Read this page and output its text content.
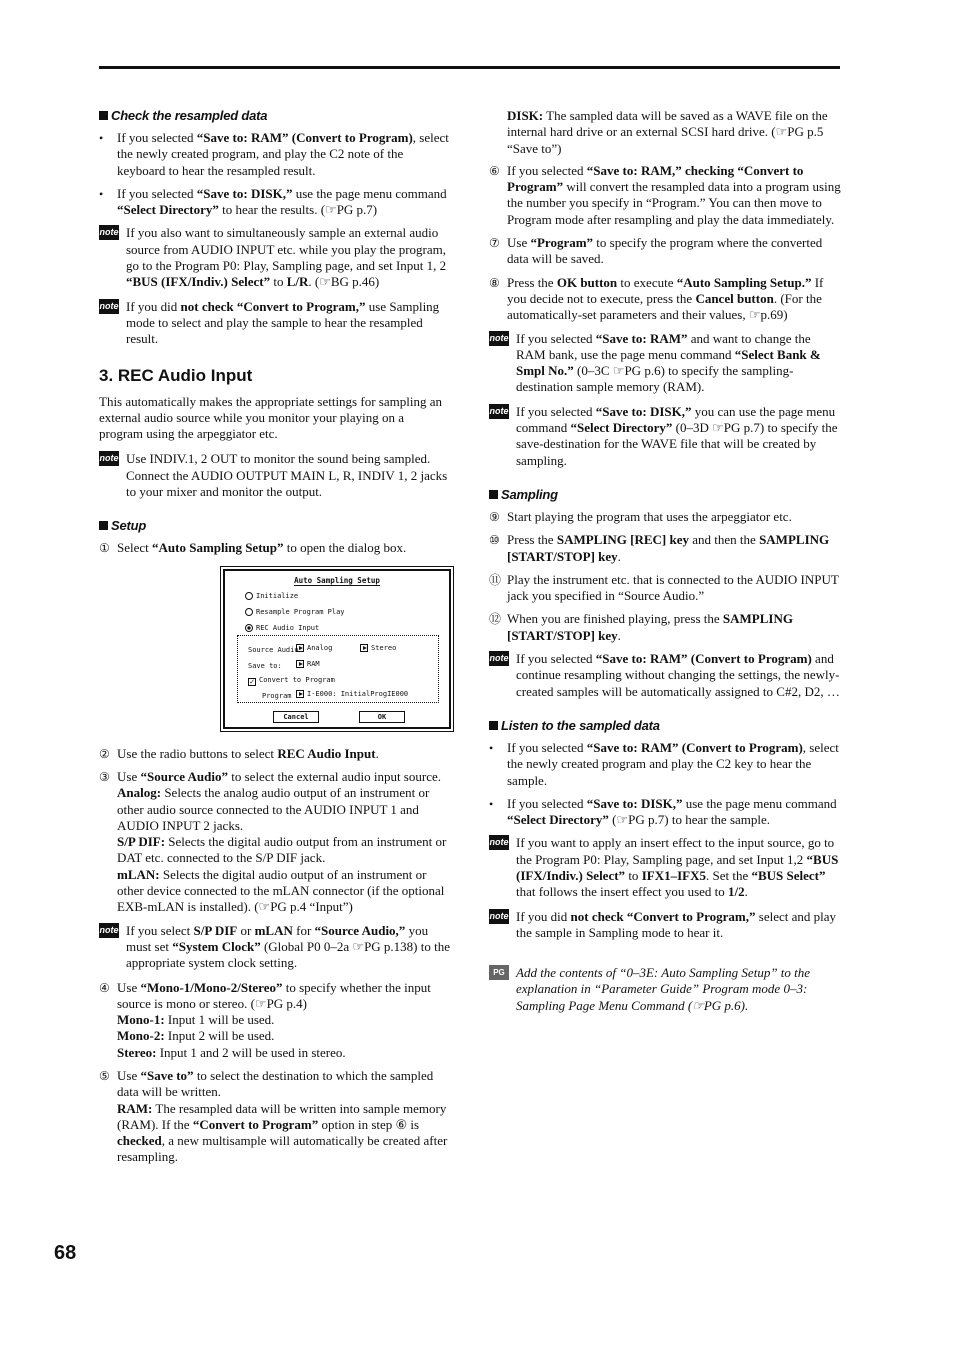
Check the resampled data
• If you selected “Save to: RAM” (Convert to Program), select the newly created program, and play the C2 note of the keyboard to hear the resampled result.
• If you selected “Save to: DISK,” use the page menu command “Select Directory” to hear the results. (☞PG p.7)
note If you also want to simultaneously sample an external audio source from AUDIO INPUT etc. while you play the program, go to the Program P0: Play, Sampling page, and set Input 1, 2 “BUS (IFX/Indiv.) Select” to L/R. (☞BG p.46)
note If you did not check “Convert to Program,” use Sampling mode to select and play the sample to hear the resampled result.
3. REC Audio Input

This automatically makes the appropriate settings for sampling an external audio source while you monitor your playing on a program using the arpeggiator etc.

note Use INDIV.1, 2 OUT to monitor the sound being sampled. Connect the AUDIO OUTPUT MAIN L, R, INDIV 1, 2 jacks to your mixer and monitor the output.
Setup
① Select “Auto Sampling Setup” to open the dialog box.
Auto Sampling Setup
Initialize
Resample Program Play
REC Audio Input
Source Audio: Analog	Stereo
Save to:	RAM
✓ Convert to Program
Program	I-E000: InitialProgIE000
Cancel	OK
② Use the radio buttons to select REC Audio Input.
③ Use “Source Audio” to select the external audio input source.
Analog: Selects the analog audio output of an instrument or other audio source connected to the AUDIO INPUT 1 and AUDIO INPUT 2 jacks.
S/P DIF: Selects the digital audio output from an instrument or DAT etc. connected to the S/P DIF jack.
mLAN: Selects the digital audio output of an instrument or other device connected to the mLAN connector (if the optional EXB-mLAN is installed). (☞PG p.4 “Input”)
note If you select S/P DIF or mLAN for “Source Audio,” you must set “System Clock” (Global P0 0–2a ☞PG p.138) to the appropriate system clock setting.
④ Use “Mono-1/Mono-2/Stereo” to specify whether the input source is mono or stereo. (☞PG p.4)
Mono-1: Input 1 will be used.
Mono-2: Input 2 will be used.
Stereo: Input 1 and 2 will be used in stereo.
⑤ Use “Save to” to select the destination to which the sampled data will be written.
RAM: The resampled data will be written into sample memory (RAM). If the “Convert to Program” option in step ⑥ is checked, a new multisample will automatically be created after resampling.
DISK: The sampled data will be saved as a WAVE file on the internal hard drive or an external SCSI hard drive. (☞PG p.5 “Save to”)
⑥ If you selected “Save to: RAM,” checking “Convert to Program” will convert the resampled data into a program using the number you specify in “Program.” You can then move to Program mode after resampling and play the data immediately.
⑦ Use “Program” to specify the program where the converted data will be saved.
⑧ Press the OK button to execute “Auto Sampling Setup.” If you decide not to execute, press the Cancel button. (For the automatically-set parameters and their values, ☞p.69)
note If you selected “Save to: RAM” and want to change the RAM bank, use the page menu command “Select Bank & Smpl No.” (0–3C ☞PG p.6) to specify the sampling-destination sample memory (RAM).
note If you selected “Save to: DISK,” you can use the page menu command “Select Directory” (0–3D ☞PG p.7) to specify the save-destination for the WAVE file that will be created by sampling.
Sampling
⑨ Start playing the program that uses the arpeggiator etc.
⑩ Press the SAMPLING [REC] key and then the SAMPLING [START/STOP] key.
⑪ Play the instrument etc. that is connected to the AUDIO INPUT jack you specified in “Source Audio.”
⑫ When you are finished playing, press the SAMPLING [START/STOP] key.
note If you selected “Save to: RAM” (Convert to Program) and continue resampling without changing the settings, the newly-created samples will be automatically assigned to C#2, D2, …
Listen to the sampled data
• If you selected “Save to: RAM” (Convert to Program), select the newly created program and play the C2 key to hear the sample.
• If you selected “Save to: DISK,” use the page menu command “Select Directory” (☞PG p.7) to hear the sample.
note If you want to apply an insert effect to the input source, go to the Program P0: Play, Sampling page, and set Input 1,2 “BUS (IFX/Indiv.) Select” to IFX1–IFX5. Set the “BUS Select” that follows the insert effect you used to 1/2.
note If you did not check “Convert to Program,” select and play the sample in Sampling mode to hear it.
PG Add the contents of “0–3E: Auto Sampling Setup” to the explanation in “Parameter Guide” Program mode 0–3: Sampling Page Menu Command (☞PG p.6).
68
